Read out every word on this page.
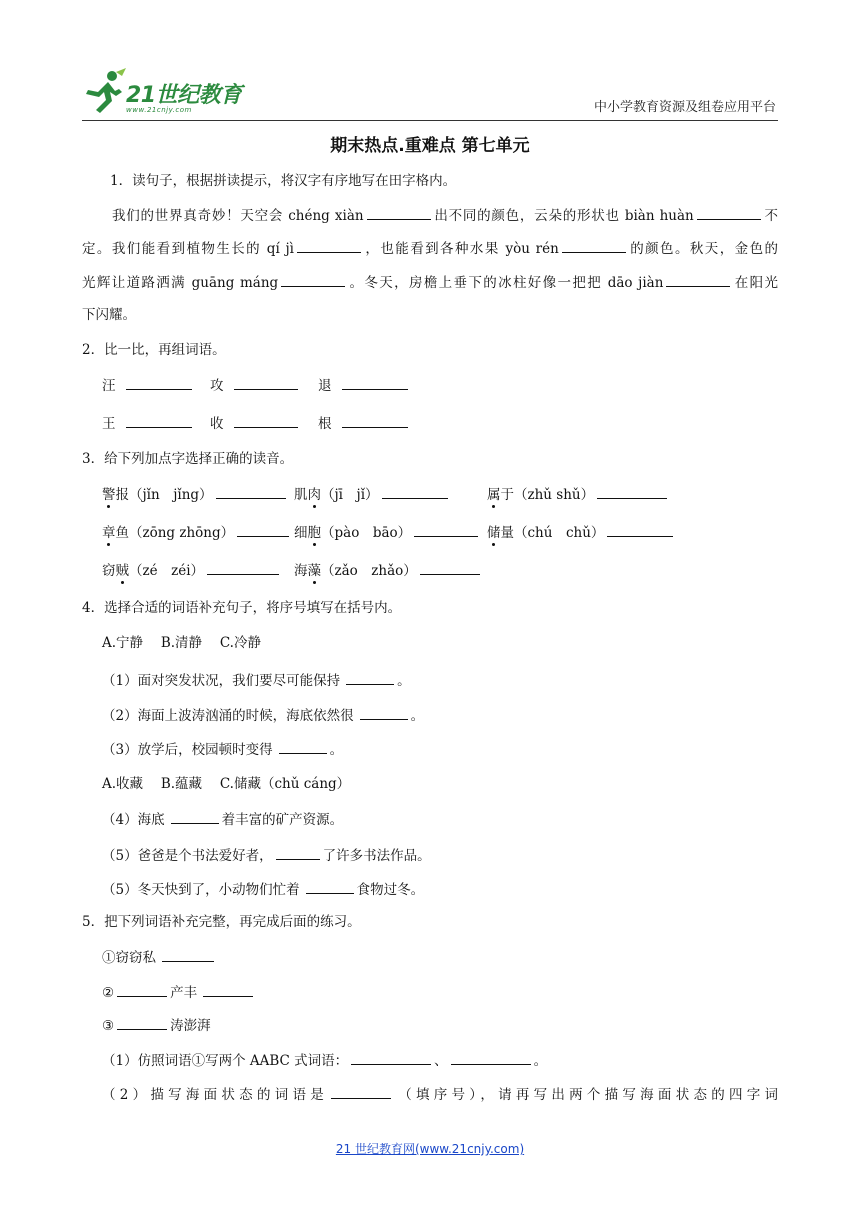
21世纪教育
www.21cnjy.com	中小学教育资源及组卷应用平台
期末热点.重难点 第七单元
1．读句子，根据拼读提示，将汉字有序地写在田字格内。
我们的世界真奇妙！天空会 chéng xiàn	出不同的颜色，云朵的形状也 biàn huàn	不
定。我们能看到植物生长的 qí jì	，也能看到各种水果 yòu rén	的颜色。秋天，金色的
光辉让道路洒满 guāng máng	。冬天，房檐上垂下的冰柱好像一把把 dāo jiàn	在阳光
下闪耀。
2．比一比，再组词语。
汪	攻	退
王	收	根
3．给下列加点字选择正确的读音。
警报（jǐn　jǐng）	肌肉（jī　jǐ）	属于（zhǔ shǔ）
章鱼（zōng zhōng）	细胞（pào　bāo）	储量（chú　chǔ）
窃贼（zé　zéi）	海藻（zǎo　zhǎo）
4．选择合适的词语补充句子，将序号填写在括号内。
A.宁静　 B.清静　 C.冷静
（1）面对突发状况，我们要尽可能保持	。
（2）海面上波涛汹涌的时候，海底依然很	。
（3）放学后，校园顿时变得	。
A.收藏　 B.蕴藏　 C.储藏（chǔ cáng）
（4）海底	着丰富的矿产资源。
（5）爸爸是个书法爱好者，	了许多书法作品。
（5）冬天快到了，小动物们忙着	食物过冬。
5．把下列词语补充完整，再完成后面的练习。
①窃窃私
②	产丰
③	涛澎湃
（1）仿照词语①写两个 AABC 式词语：	、	。
（2）描写海面状态的词语是	（填序号），请再写出两个描写海面状态的四字词
21 世纪教育网(www.21cnjy.com)
